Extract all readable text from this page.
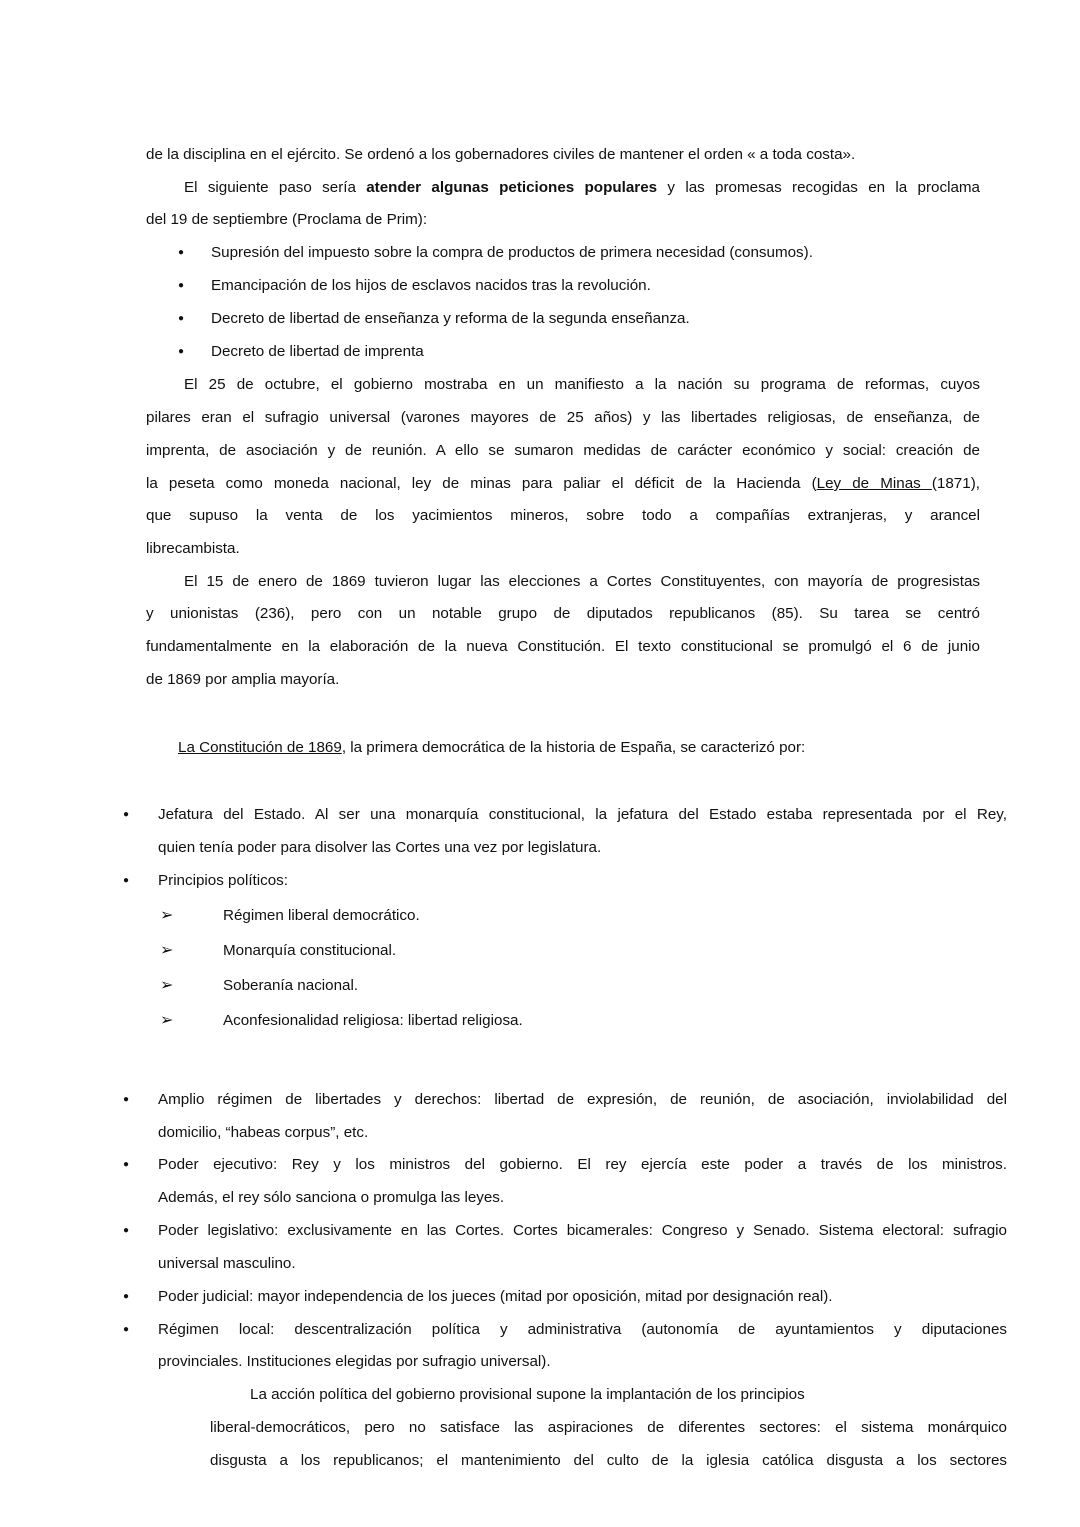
de la disciplina en el ejército. Se ordenó a los gobernadores civiles de mantener el orden « a toda costa».
El siguiente paso sería atender algunas peticiones populares y las promesas recogidas en la proclama
del 19 de septiembre (Proclama de Prim):
Supresión del impuesto sobre la compra de productos de primera necesidad (consumos).
●
Emancipación de los hijos de esclavos nacidos tras la revolución.
●
Decreto de libertad de enseñanza y reforma de la segunda enseñanza.
●
Decreto de libertad de imprenta
●
El 25 de octubre, el gobierno mostraba en un manifiesto a la nación su programa de reformas, cuyos
pilares eran el sufragio universal (varones mayores de 25 años) y las libertades religiosas, de enseñanza, de
imprenta, de asociación y de reunión. A ello se sumaron medidas de carácter económico y social: creación de
la peseta como moneda nacional, ley de minas para paliar el déficit de la Hacienda (Ley de Minas (1871),
que supuso la venta de los yacimientos mineros, sobre todo a compañías extranjeras, y arancel
librecambista.
El 15 de enero de 1869 tuvieron lugar las elecciones a Cortes Constituyentes, con mayoría de progresistas
y unionistas (236), pero con un notable grupo de diputados republicanos (85). Su tarea se centró
fundamentalmente en la elaboración de la nueva Constitución. El texto constitucional se promulgó el 6 de junio
de 1869 por amplia mayoría.
La Constitución de 1869, la primera democrática de la historia de España, se caracterizó por:
Jefatura del Estado. Al ser una monarquía constitucional, la jefatura del Estado estaba representada por el Rey,
●
quien tenía poder para disolver las Cortes una vez por legislatura.
Principios políticos:
●
Régimen liberal democrático.
➢
Monarquía constitucional.
➢
Soberanía nacional.
➢
Aconfesionalidad religiosa: libertad religiosa.
➢
Amplio régimen de libertades y derechos: libertad de expresión, de reunión, de asociación, inviolabilidad del
●
domicilio, “habeas corpus”, etc.
Poder ejecutivo: Rey y los ministros del gobierno. El rey ejercía este poder a través de los ministros.
●
Además, el rey sólo sanciona o promulga las leyes.
Poder legislativo: exclusivamente en las Cortes. Cortes bicamerales: Congreso y Senado. Sistema electoral: sufragio
●
universal masculino.
Poder judicial: mayor independencia de los jueces (mitad por oposición, mitad por designación real).
●
Régimen local: descentralización política y administrativa (autonomía de ayuntamientos y diputaciones
●
provinciales. Instituciones elegidas por sufragio universal).
La acción política del gobierno provisional supone la implantación de los principios
liberal-democráticos, pero no satisface las aspiraciones de diferentes sectores: el sistema monárquico
disgusta a los republicanos; el mantenimiento del culto de la iglesia católica disgusta a los sectores
